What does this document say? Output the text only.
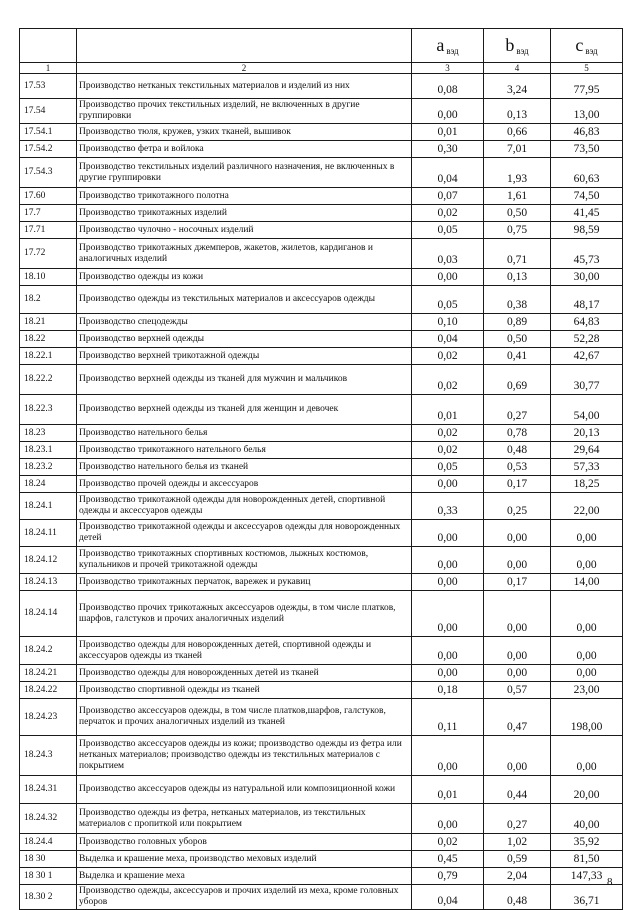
		a $_{вэд}$	b $_{вэд}$	c $_{вэд}$
1	2	3	4	5
17.53	Производство нетканых текстильных материалов и изделий из них	0,08	3,24	77,95
17.54	Производство прочих текстильных изделий, не включенных в другие группировки	0,00	0,13	13,00
17.54.1	Производство тюля, кружев, узких тканей, вышивок	0,01	0,66	46,83
17.54.2	Производство фетра и войлока	0,30	7,01	73,50
17.54.3	Производство текстильных изделий различного назначения, не включенных в другие группировки	0,04	1,93	60,63
17.60	Производство трикотажного полотна	0,07	1,61	74,50
17.7	Производство трикотажных изделий	0,02	0,50	41,45
17.71	Производство чулочно - носочных изделий	0,05	0,75	98,59
17.72	Производство трикотажных джемперов, жакетов, жилетов, кардиганов и аналогичных изделий	0,03	0,71	45,73
18.10	Производство одежды из кожи	0,00	0,13	30,00
18.2	Производство одежды из текстильных материалов и аксессуаров одежды	0,05	0,38	48,17
18.21	Производство спецодежды	0,10	0,89	64,83
18.22	Производство верхней одежды	0,04	0,50	52,28
18.22.1	Производство верхней трикотажной одежды	0,02	0,41	42,67
18.22.2	Производство верхней одежды из тканей для мужчин и мальчиков	0,02	0,69	30,77
18.22.3	Производство верхней одежды из тканей для женщин и девочек	0,01	0,27	54,00
18.23	Производство нательного белья	0,02	0,78	20,13
18.23.1	Производство трикотажного нательного белья	0,02	0,48	29,64
18.23.2	Производство нательного белья из тканей	0,05	0,53	57,33
18.24	Производство прочей одежды и аксессуаров	0,00	0,17	18,25
18.24.1	Производство трикотажной одежды для новорожденных детей, спортивной одежды и аксессуаров одежды	0,33	0,25	22,00
18.24.11	Производство трикотажной одежды и аксессуаров одежды для новорожденных детей	0,00	0,00	0,00
18.24.12	Производство трикотажных спортивных костюмов, лыжных костюмов, купальников и прочей трикотажной одежды	0,00	0,00	0,00
18.24.13	Производство трикотажных перчаток, варежек и рукавиц	0,00	0,17	14,00
18.24.14	Производство прочих трикотажных аксессуаров одежды, в том числе платков, шарфов, галстуков и прочих аналогичных изделий	0,00	0,00	0,00
18.24.2	Производство одежды для новорожденных детей, спортивной одежды и аксессуаров одежды из тканей	0,00	0,00	0,00
18.24.21	Производство одежды для новорожденных детей из тканей	0,00	0,00	0,00
18.24.22	Производство спортивной одежды из тканей	0,18	0,57	23,00
18.24.23	Производство аксессуаров одежды, в том числе платков,шарфов, галстуков, перчаток и прочих аналогичных изделий из тканей	0,11	0,47	198,00
18.24.3	Производство аксессуаров одежды из кожи; производство одежды из фетра или нетканых материалов; производство одежды из текстильных материалов с покрытием	0,00	0,00	0,00
18.24.31	Производство аксессуаров одежды из натуральной или композиционной кожи	0,01	0,44	20,00
18.24.32	Производство одежды из фетра, нетканых материалов, из текстильных материалов с пропиткой или покрытием	0,00	0,27	40,00
18.24.4	Производство головных уборов	0,02	1,02	35,92
18 30	Выделка и крашение меха, производство меховых изделий	0,45	0,59	81,50
18 30 1	Выделка и крашение меха	0,79	2,04	147,33
18.30 2	Производство одежды, аксессуаров и прочих изделий из меха, кроме головных уборов	0,04	0,48	36,71
8
